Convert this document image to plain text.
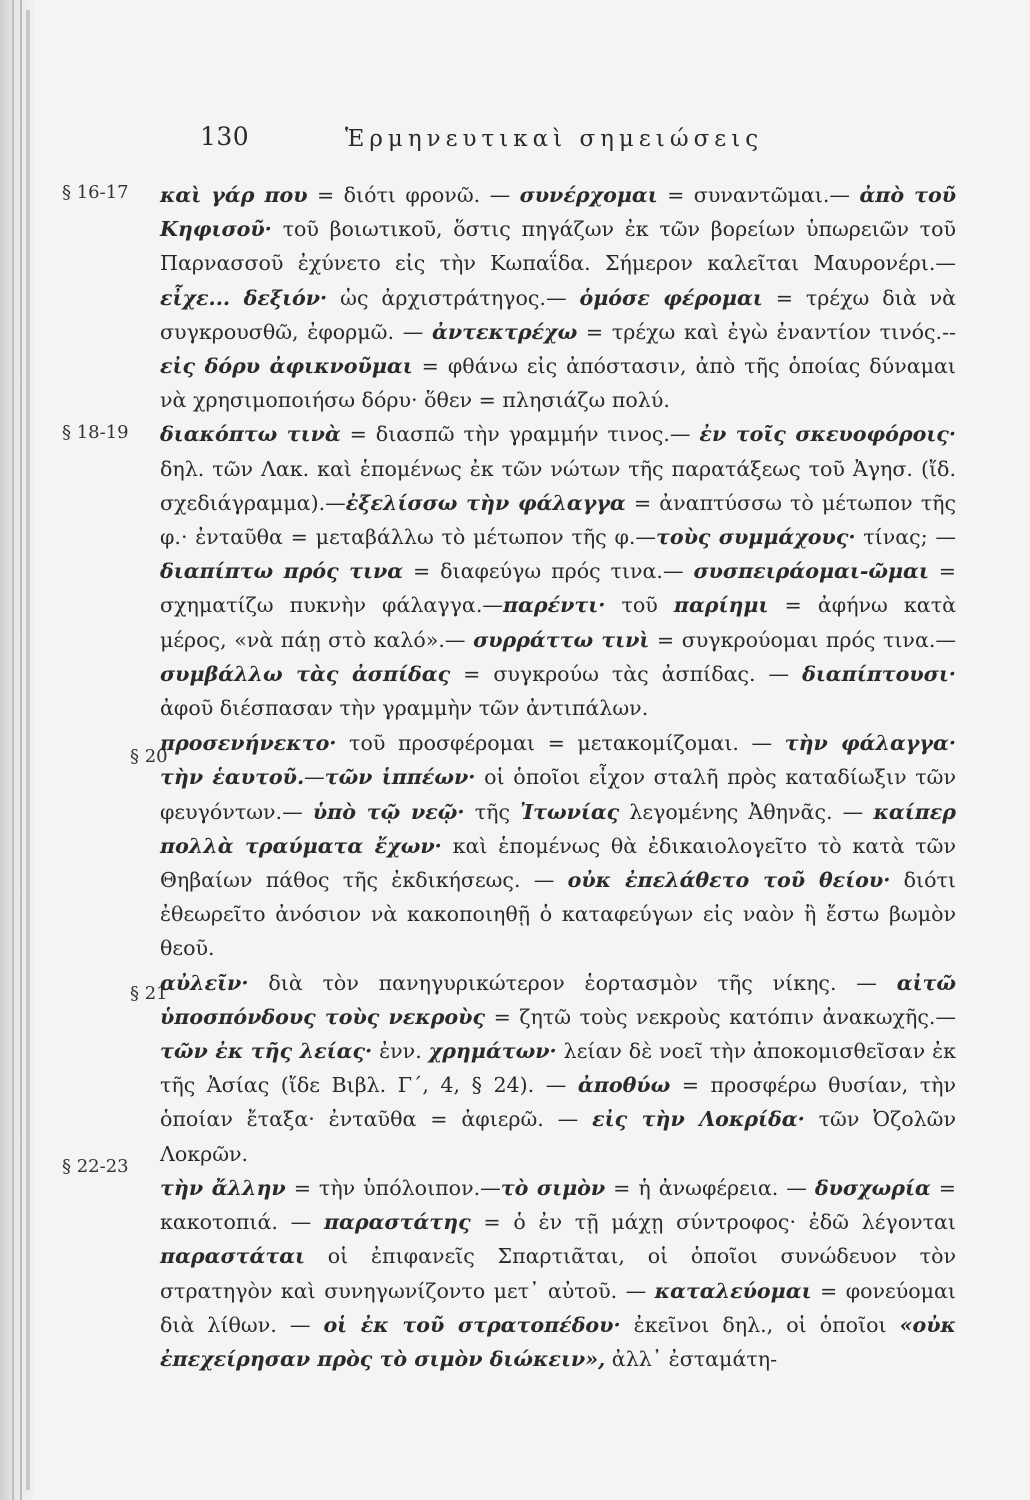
130	Ἑρμηνευτικαὶ σημειώσεις
§ 16-17
§ 18-19
§ 20
§ 21
§ 22-23

καὶ γάρ που = διότι φρονῶ. — συνέρχομαι = συναντῶμαι.— ἀπὸ τοῦ Κηφισοῦ· τοῦ βοιωτικοῦ, ὅστις πηγάζων ἐκ τῶν βορείων ὑπωρειῶν τοῦ Παρνασσοῦ ἐχύνετο εἰς τὴν Κωπαΐδα. Σήμερον καλεῖται Μαυρονέρι.— εἶχε... δεξιόν· ὡς ἀρχιστράτηγος.— ὁμόσε φέρομαι = τρέχω διὰ νὰ συγκρουσθῶ, ἐφορμῶ. — ἀντεκτρέχω = τρέχω καὶ ἐγὼ ἐναντίον τινός.-- εἰς δόρυ ἀφικνοῦμαι = φθάνω εἰς ἀπόστασιν, ἀπὸ τῆς ὁποίας δύναμαι νὰ χρησιμοποιήσω δόρυ· ὅθεν = πλησιάζω πολύ.

διακόπτω τινὰ = διασπῶ τὴν γραμμήν τινος.— ἐν τοῖς σκευοφόροις· δηλ. τῶν Λακ. καὶ ἑπομένως ἐκ τῶν νώτων τῆς παρατάξεως τοῦ Ἀγησ. (ἴδ. σχεδιάγραμμα).—ἐξελίσσω τὴν φάλαγγα = ἀναπτύσσω τὸ μέτωπον τῆς φ.· ἐνταῦθα = μεταβάλλω τὸ μέτωπον τῆς φ.—τοὺς συμμάχους· τίνας; — διαπίπτω πρός τινα = διαφεύγω πρός τινα.— συσπειράομαι-ῶμαι = σχηματίζω πυκνὴν φάλαγγα.—παρέντι· τοῦ παρίημι = ἀφήνω κατὰ μέρος, «νὰ πάῃ στὸ καλό».— συρράττω τινὶ = συγκρούομαι πρός τινα.— συμβάλλω τὰς ἀσπίδας = συγκρούω τὰς ἀσπίδας. — διαπίπτουσι· ἀφοῦ διέσπασαν τὴν γραμμὴν τῶν ἀντιπάλων.

προσενήνεκτο· τοῦ προσφέρομαι = μετακομίζομαι. — τὴν φάλαγγα· τὴν ἑαυτοῦ.—τῶν ἱππέων· οἱ ὁποῖοι εἶχον σταλῆ πρὸς καταδίωξιν τῶν φευγόντων.— ὑπὸ τῷ νεῷ· τῆς Ἰτωνίας λεγομένης Ἀθηνᾶς. — καίπερ πολλὰ τραύματα ἔχων· καὶ ἑπομένως θὰ ἐδικαιολογεῖτο τὸ κατὰ τῶν Θηβαίων πάθος τῆς ἐκδικήσεως. — οὐκ ἐπελάθετο τοῦ θείου· διότι ἐθεωρεῖτο ἀνόσιον νὰ κακοποιηθῇ ὁ καταφεύγων εἰς ναὸν ἢ ἔστω βωμὸν θεοῦ.

αὐλεῖν· διὰ τὸν πανηγυρικώτερον ἑορτασμὸν τῆς νίκης. — αἰτῶ ὑποσπόνδους τοὺς νεκροὺς = ζητῶ τοὺς νεκροὺς κατόπιν ἀνακωχῆς.— τῶν ἐκ τῆς λείας· ἐνν. χρημάτων· λείαν δὲ νοεῖ τὴν ἀποκομισθεῖσαν ἐκ τῆς Ἀσίας (ἴδε Βιβλ. Γ΄, 4, § 24). — ἀποθύω = προσφέρω θυσίαν, τὴν ὁποίαν ἔταξα· ἐνταῦθα = ἀφιερῶ. — εἰς τὴν Λοκρίδα· τῶν Ὀζολῶν Λοκρῶν.

τὴν ἄλλην = τὴν ὑπόλοιπον.—τὸ σιμὸν = ἡ ἀνωφέρεια. — δυσχωρία = κακοτοπιά. — παραστάτης = ὁ ἐν τῇ μάχῃ σύντροφος· ἐδῶ λέγονται παραστάται οἱ ἐπιφανεῖς Σπαρτιᾶται, οἱ ὁποῖοι συνώδευον τὸν στρατηγὸν καὶ συνηγωνίζοντο μετ᾽ αὐτοῦ. — καταλεύομαι = φονεύομαι διὰ λίθων. — οἱ ἐκ τοῦ στρατοπέδου· ἐκεῖνοι δηλ., οἱ ὁποῖοι «οὐκ ἐπεχείρησαν πρὸς τὸ σιμὸν διώκειν», ἀλλ᾽ ἐσταμάτη-
